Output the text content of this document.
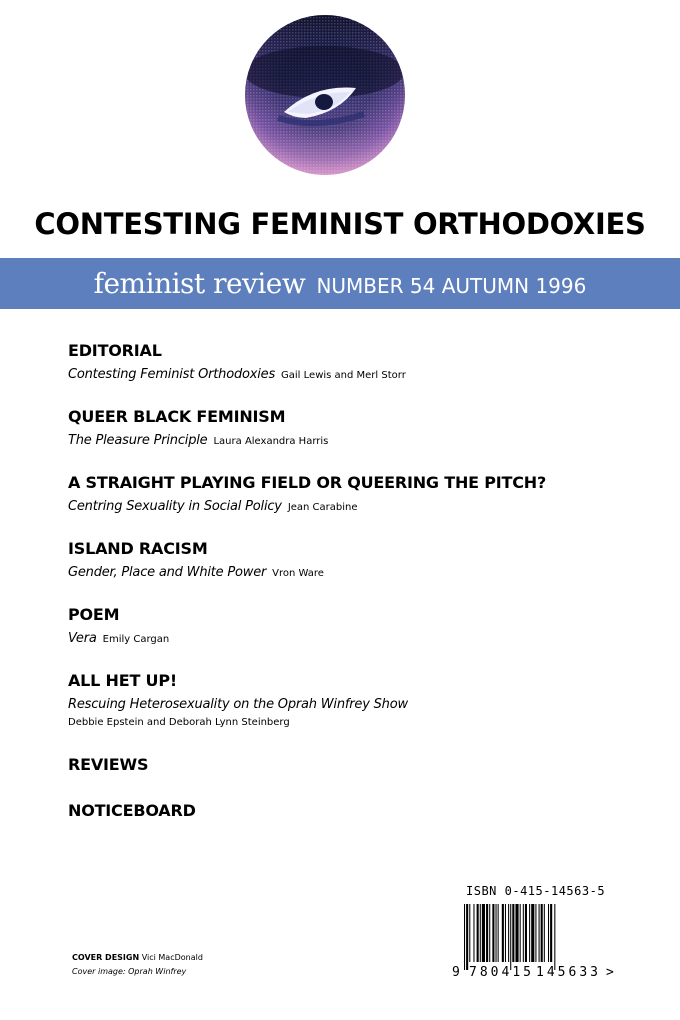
CONTESTING FEMINIST ORTHODOXIES
feminist review NUMBER 54 AUTUMN 1996
EDITORIAL
Contesting Feminist Orthodoxies Gail Lewis and Merl Storr
QUEER BLACK FEMINISM
The Pleasure Principle Laura Alexandra Harris
A STRAIGHT PLAYING FIELD OR QUEERING THE PITCH?
Centring Sexuality in Social Policy Jean Carabine
ISLAND RACISM
Gender, Place and White Power Vron Ware
POEM
Vera Emily Cargan
ALL HET UP!
Rescuing Heterosexuality on the Oprah Winfrey Show
Debbie Epstein and Deborah Lynn Steinberg
REVIEWS
NOTICEBOARD
COVER DESIGN Vici MacDonald
Cover image: Oprah Winfrey
ISBN 0-415-14563-5
9 780415 145633 >
